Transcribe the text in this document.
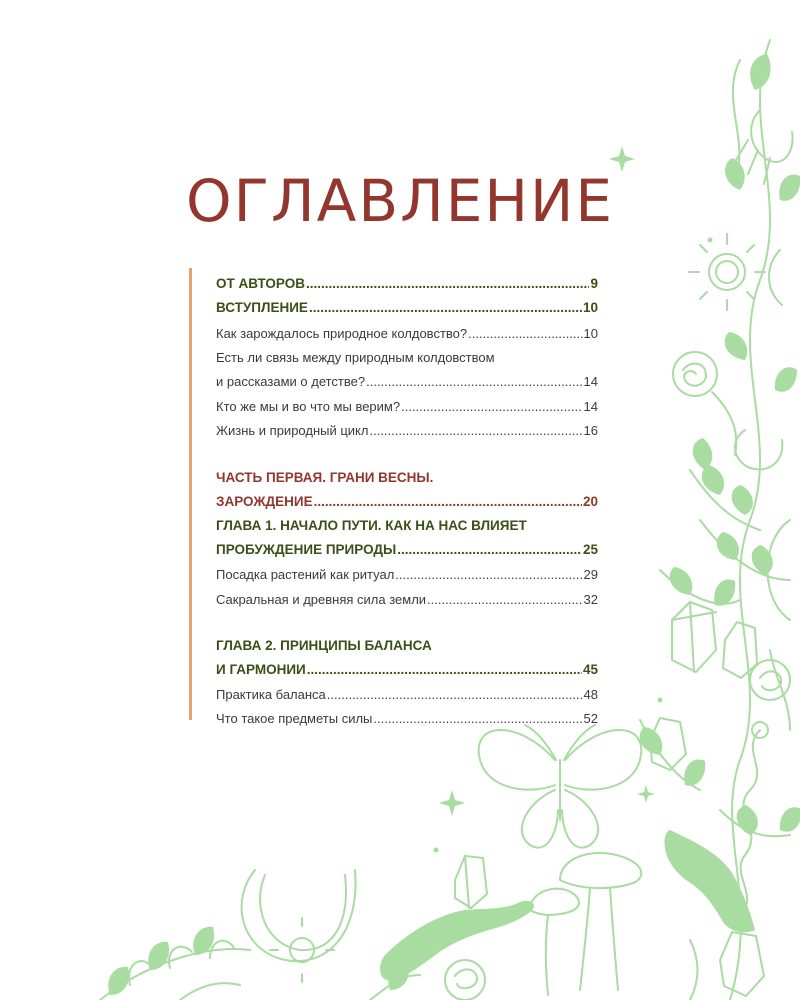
ОГЛАВЛЕНИЕ
ОТ АВТОРОВ .....	9
ВСТУПЛЕНИЕ .....	10
Как зарождалось природное колдовство? .....	10
Есть ли связь между природным колдовством
и рассказами о детстве? .....	14
Кто же мы и во что мы верим? .....	14
Жизнь и природный цикл .....	16
ЧАСТЬ ПЕРВАЯ. ГРАНИ ВЕСНЫ.
ЗАРОЖДЕНИЕ .....	20
ГЛАВА 1. НАЧАЛО ПУТИ. КАК НА НАС ВЛИЯЕТ
ПРОБУЖДЕНИЕ ПРИРОДЫ .....	25
Посадка растений как ритуал .....	29
Сакральная и древняя сила земли .....	32
ГЛАВА 2. ПРИНЦИПЫ БАЛАНСА
И ГАРМОНИИ .....	45
Практика баланса .....	48
Что такое предметы силы .....	52
